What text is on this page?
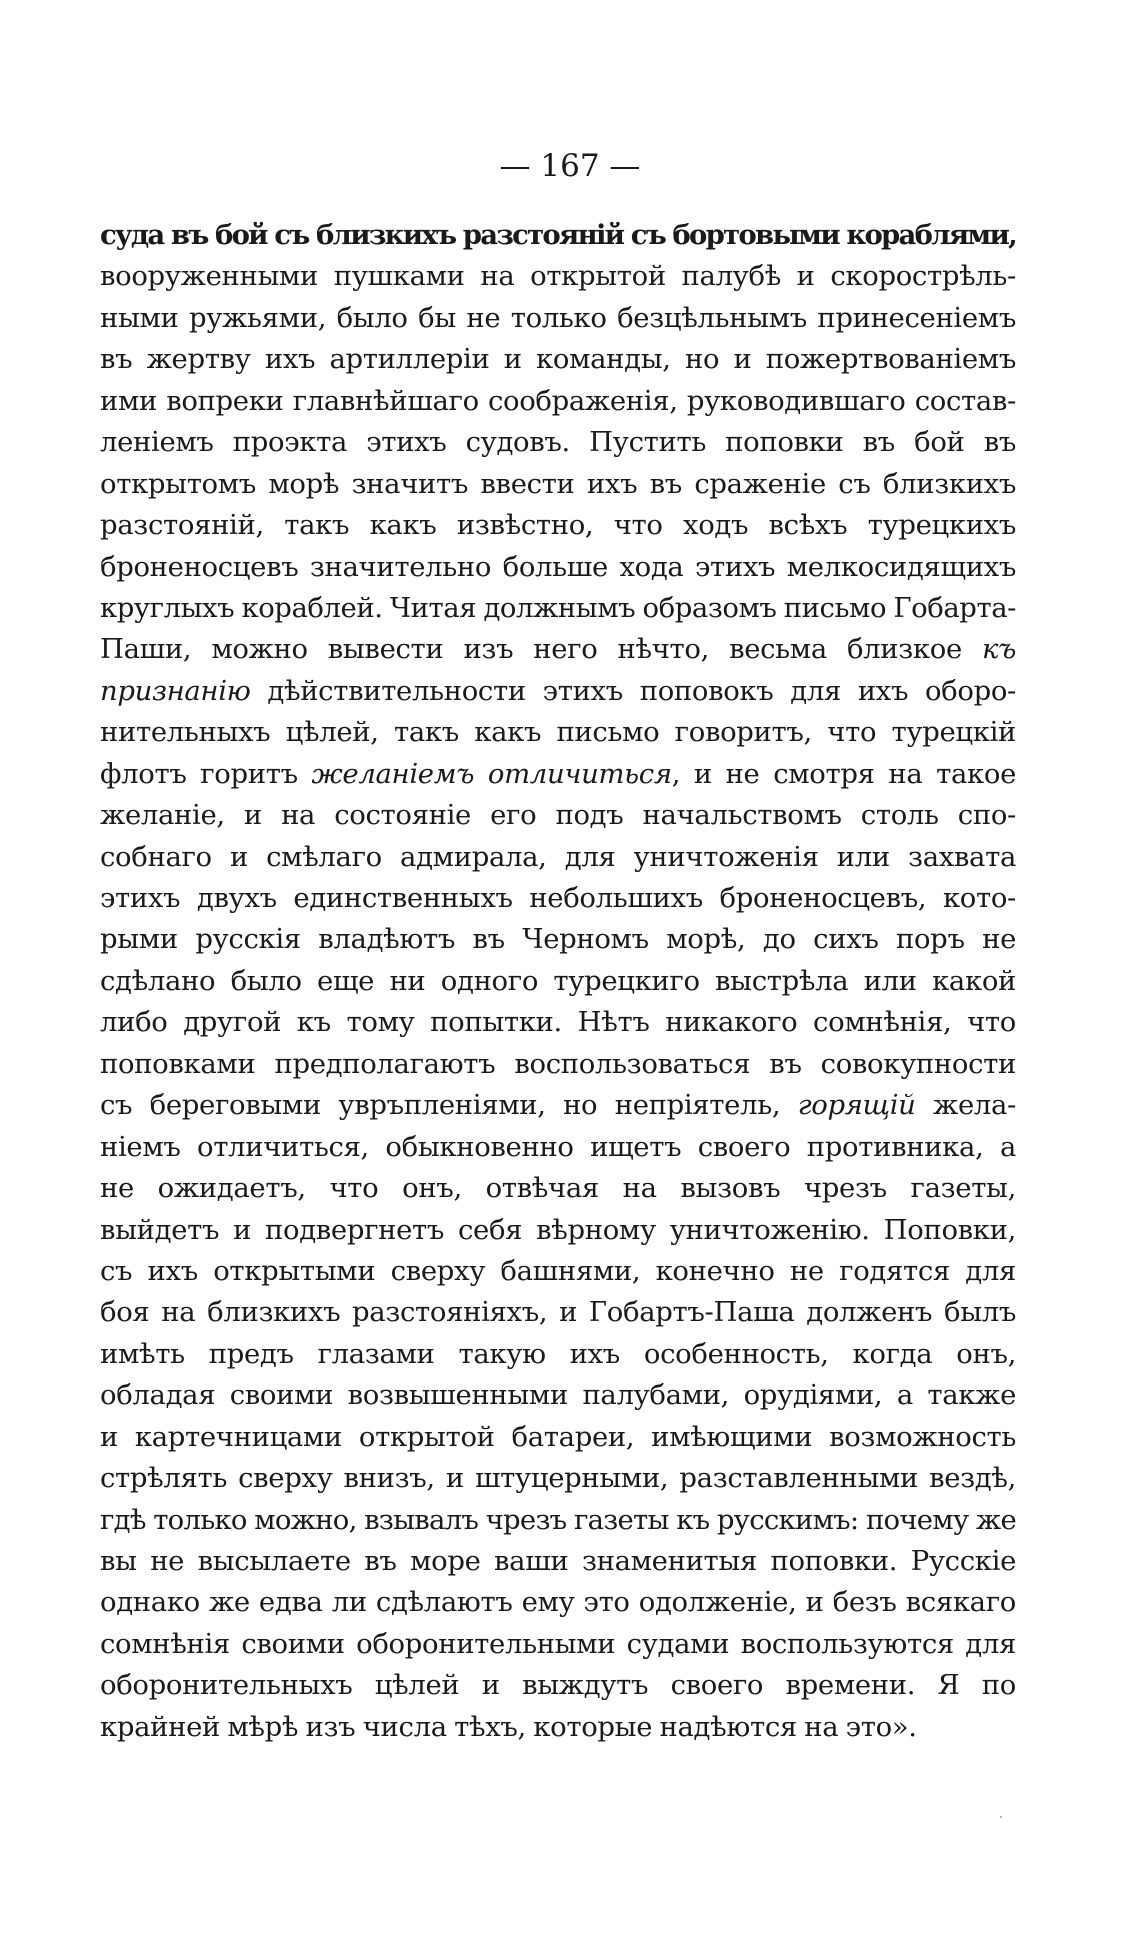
— 167 —
суда въ бой съ близкихъ разстояній съ бортовыми кораблями,
вооруженными пушками на открытой палубѣ и скорострѣль-
ными ружьями, было бы не только безцѣльнымъ принесеніемъ
въ жертву ихъ артиллеріи и команды, но и пожертвованіемъ
ими вопреки главнѣйшаго соображенія, руководившаго состав-
леніемъ проэкта этихъ судовъ. Пустить поповки въ бой въ
открытомъ морѣ значитъ ввести ихъ въ сраженіе съ близкихъ
разстояній, такъ какъ извѣстно, что ходъ всѣхъ турецкихъ
броненосцевъ значительно больше хода этихъ мелкосидящихъ
круглыхъ кораблей. Читая должнымъ образомъ письмо Гобарта-
Паши, можно вывести изъ него нѣчто, весьма близкое къ
признанію дѣйствительности этихъ поповокъ для ихъ оборо-
нительныхъ цѣлей, такъ какъ письмо говоритъ, что турецкій
флотъ горитъ желаніемъ отличиться, и не смотря на такое
желаніе, и на состояніе его подъ начальствомъ столь спо-
собнаго и смѣлаго адмирала, для уничтоженія или захвата
этихъ двухъ единственныхъ небольшихъ броненосцевъ, кото-
рыми русскія владѣютъ въ Черномъ морѣ, до сихъ поръ не
сдѣлано было еще ни одного турецкиго выстрѣла или какой
либо другой къ тому попытки. Нѣтъ никакого сомнѣнія, что
поповками предполагаютъ воспользоваться въ совокупности
съ береговыми увръпленіями, но непріятель, горящій жела-
ніемъ отличиться, обыкновенно ищетъ своего противника, а
не ожидаетъ, что онъ, отвѣчая на вызовъ чрезъ газеты,
выйдетъ и подвергнетъ себя вѣрному уничтоженію. Поповки,
съ ихъ открытыми сверху башнями, конечно не годятся для
боя на близкихъ разстояніяхъ, и Гобартъ-Паша долженъ былъ
имѣть предъ глазами такую ихъ особенность, когда онъ,
обладая своими возвышенными палубами, орудіями, а также
и картечницами открытой батареи, имѣющими возможность
стрѣлять сверху внизъ, и штуцерными, разставленными вездѣ,
гдѣ только можно, взывалъ чрезъ газеты къ русскимъ: почему же
вы не высылаете въ море ваши знаменитыя поповки. Русскіе
однако же едва ли сдѣлаютъ ему это одолженіе, и безъ всякаго
сомнѣнія своими оборонительными судами воспользуются для
оборонительныхъ цѣлей и выждутъ своего времени. Я по
крайней мѣрѣ изъ числа тѣхъ, которые надѣются на это».
